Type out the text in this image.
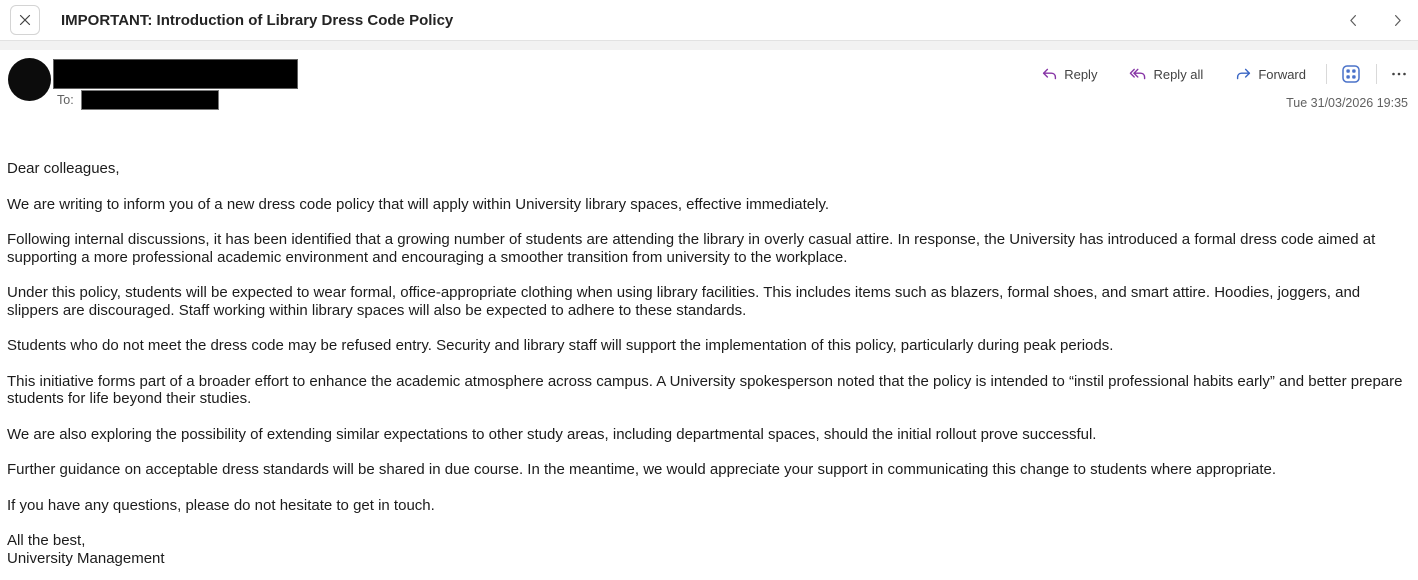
IMPORTANT: Introduction of Library Dress Code Policy
To:
Reply	Reply all	Forward
Tue 31/03/2026 19:35

Dear colleagues,

We are writing to inform you of a new dress code policy that will apply within University library spaces, effective immediately.

Following internal discussions, it has been identified that a growing number of students are attending the library in overly casual attire. In response, the University has introduced a formal dress code aimed at supporting a more professional academic environment and encouraging a smoother transition from university to the workplace.

Under this policy, students will be expected to wear formal, office-appropriate clothing when using library facilities. This includes items such as blazers, formal shoes, and smart attire. Hoodies, joggers, and slippers are discouraged. Staff working within library spaces will also be expected to adhere to these standards.

Students who do not meet the dress code may be refused entry. Security and library staff will support the implementation of this policy, particularly during peak periods.

This initiative forms part of a broader effort to enhance the academic atmosphere across campus. A University spokesperson noted that the policy is intended to “instil professional habits early” and better prepare students for life beyond their studies.

We are also exploring the possibility of extending similar expectations to other study areas, including departmental spaces, should the initial rollout prove successful.

Further guidance on acceptable dress standards will be shared in due course. In the meantime, we would appreciate your support in communicating this change to students where appropriate.

If you have any questions, please do not hesitate to get in touch.

All the best,
University Management
